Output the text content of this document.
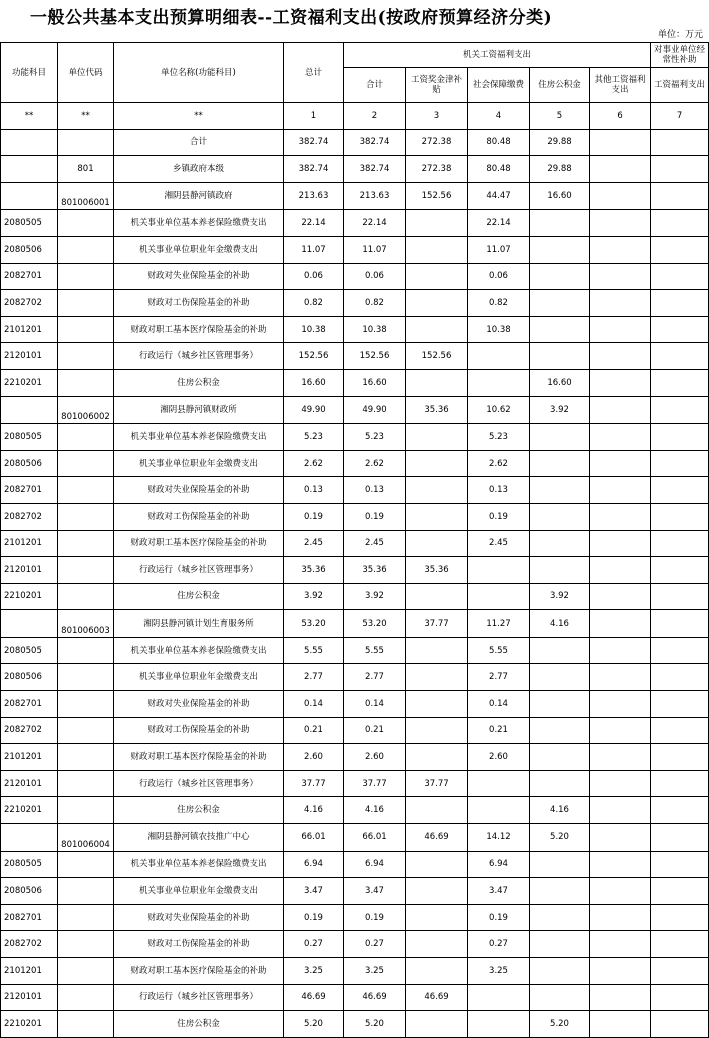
一般公共基本支出预算明细表--工资福利支出(按政府预算经济分类)
单位：万元
功能科目	单位代码	单位名称(功能科目)	总计	机关工资福利支出					对事业单位经常性补助
				合计	工资奖金津补贴	社会保障缴费	住房公积金	其他工资福利支出	工资福利支出
**	**	**	1	2	3	4	5	6	7
		合计	382.74	382.74	272.38	80.48	29.88		
	801	乡镇政府本级	382.74	382.74	272.38	80.48	29.88		
	801006001	湘阴县静河镇政府	213.63	213.63	152.56	44.47	16.60		
2080505		机关事业单位基本养老保险缴费支出	22.14	22.14		22.14			
2080506		机关事业单位职业年金缴费支出	11.07	11.07		11.07			
2082701		财政对失业保险基金的补助	0.06	0.06		0.06			
2082702		财政对工伤保险基金的补助	0.82	0.82		0.82			
2101201		财政对职工基本医疗保险基金的补助	10.38	10.38		10.38			
2120101		行政运行（城乡社区管理事务）	152.56	152.56	152.56				
2210201		住房公积金	16.60	16.60			16.60		
	801006002	湘阴县静河镇财政所	49.90	49.90	35.36	10.62	3.92		
2080505		机关事业单位基本养老保险缴费支出	5.23	5.23		5.23			
2080506		机关事业单位职业年金缴费支出	2.62	2.62		2.62			
2082701		财政对失业保险基金的补助	0.13	0.13		0.13			
2082702		财政对工伤保险基金的补助	0.19	0.19		0.19			
2101201		财政对职工基本医疗保险基金的补助	2.45	2.45		2.45			
2120101		行政运行（城乡社区管理事务）	35.36	35.36	35.36				
2210201		住房公积金	3.92	3.92			3.92		
	801006003	湘阴县静河镇计划生育服务所	53.20	53.20	37.77	11.27	4.16		
2080505		机关事业单位基本养老保险缴费支出	5.55	5.55		5.55			
2080506		机关事业单位职业年金缴费支出	2.77	2.77		2.77			
2082701		财政对失业保险基金的补助	0.14	0.14		0.14			
2082702		财政对工伤保险基金的补助	0.21	0.21		0.21			
2101201		财政对职工基本医疗保险基金的补助	2.60	2.60		2.60			
2120101		行政运行（城乡社区管理事务）	37.77	37.77	37.77				
2210201		住房公积金	4.16	4.16			4.16		
	801006004	湘阴县静河镇农技推广中心	66.01	66.01	46.69	14.12	5.20		
2080505		机关事业单位基本养老保险缴费支出	6.94	6.94		6.94			
2080506		机关事业单位职业年金缴费支出	3.47	3.47		3.47			
2082701		财政对失业保险基金的补助	0.19	0.19		0.19			
2082702		财政对工伤保险基金的补助	0.27	0.27		0.27			
2101201		财政对职工基本医疗保险基金的补助	3.25	3.25		3.25			
2120101		行政运行（城乡社区管理事务）	46.69	46.69	46.69				
2210201		住房公积金	5.20	5.20			5.20		
